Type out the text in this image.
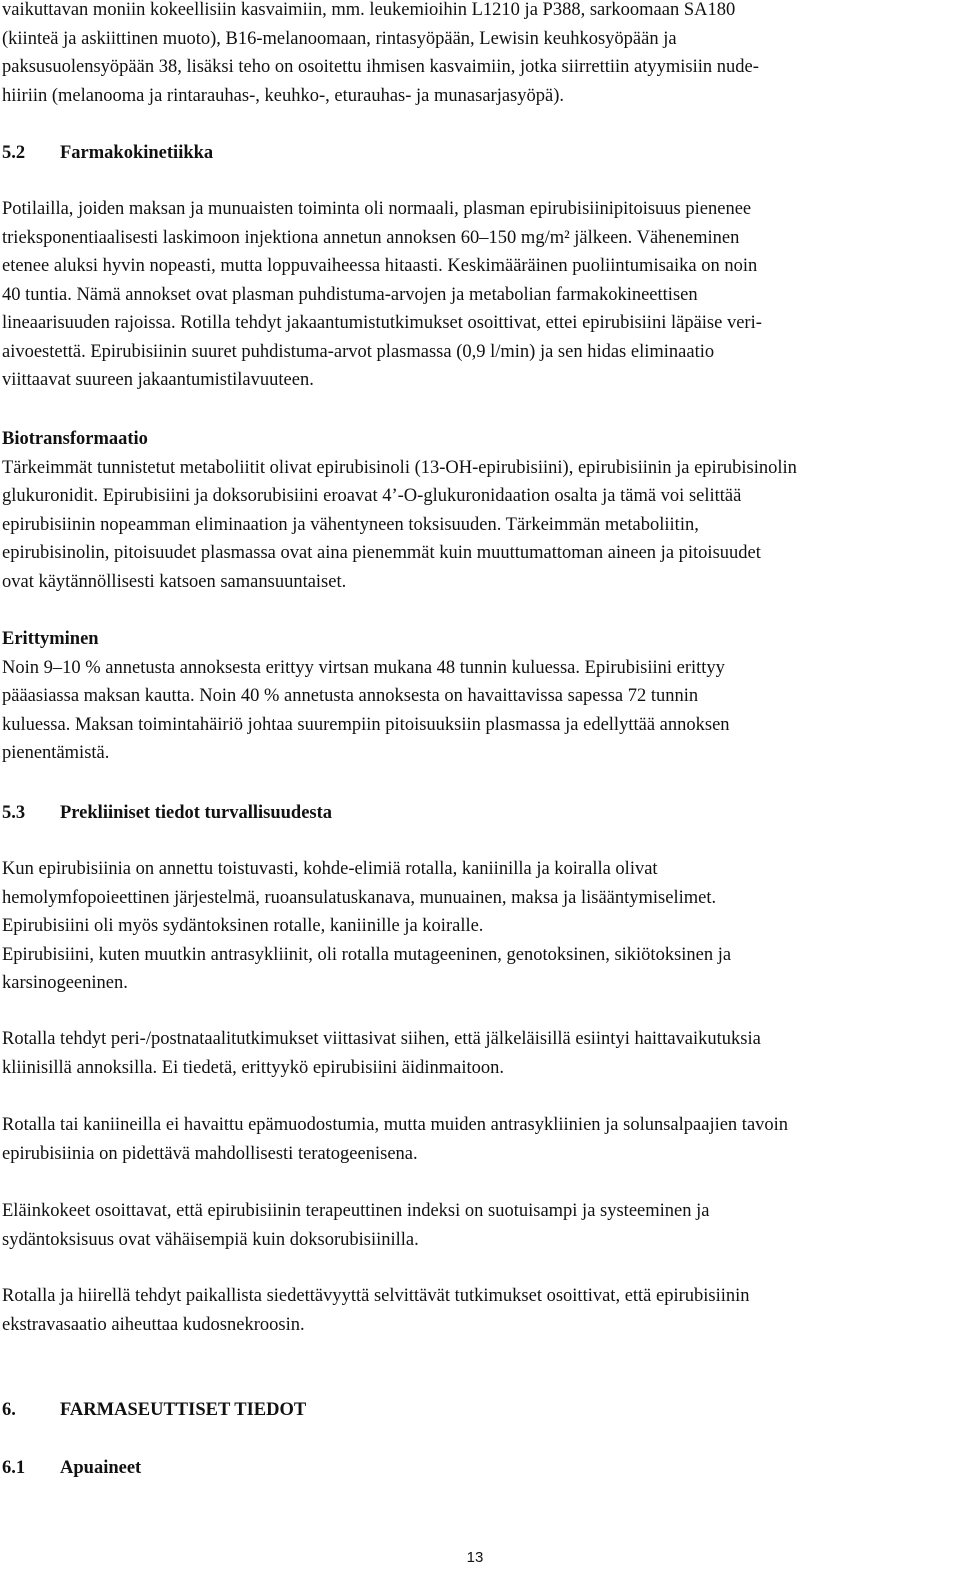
vaikuttavan moniin kokeellisiin kasvaimiin, mm. leukemioihin L1210 ja P388, sarkoomaan SA180
(kiinteä ja askiittinen muoto), B16-melanoomaan, rintasyöpään, Lewisin keuhkosyöpään ja
paksusuolensyöpään 38, lisäksi teho on osoitettu ihmisen kasvaimiin, jotka siirrettiin atyymisiin nude-
hiiriin (melanooma ja rintarauhas-, keuhko-, eturauhas- ja munasarjasyöpä).
5.2 Farmakokinetiikka
Potilailla, joiden maksan ja munuaisten toiminta oli normaali, plasman epirubisiinipitoisuus pienenee
trieksponentiaalisesti laskimoon injektiona annetun annoksen 60–150 mg/m² jälkeen. Väheneminen
etenee aluksi hyvin nopeasti, mutta loppuvaiheessa hitaasti. Keskimääräinen puoliintumisaika on noin
40 tuntia. Nämä annokset ovat plasman puhdistuma-arvojen ja metabolian farmakokineettisen
lineaarisuuden rajoissa. Rotilla tehdyt jakaantumistutkimukset osoittivat, ettei epirubisiini läpäise veri-
aivoestettä. Epirubisiinin suuret puhdistuma-arvot plasmassa (0,9 l/min) ja sen hidas eliminaatio
viittaavat suureen jakaantumistilavuuteen.
Biotransformaatio
Tärkeimmät tunnistetut metaboliitit olivat epirubisinoli (13-OH-epirubisiini), epirubisiinin ja epirubisinolin
glukuronidit. Epirubisiini ja doksorubisiini eroavat 4’-O-glukuronidaation osalta ja tämä voi selittää
epirubisiinin nopeamman eliminaation ja vähentyneen toksisuuden. Tärkeimmän metaboliitin,
epirubisinolin, pitoisuudet plasmassa ovat aina pienemmät kuin muuttumattoman aineen ja pitoisuudet
ovat käytännöllisesti katsoen samansuuntaiset.
Erittyminen
Noin 9–10 % annetusta annoksesta erittyy virtsan mukana 48 tunnin kuluessa. Epirubisiini erittyy
pääasiassa maksan kautta. Noin 40 % annetusta annoksesta on havaittavissa sapessa 72 tunnin
kuluessa. Maksan toimintahäiriö johtaa suurempiin pitoisuuksiin plasmassa ja edellyttää annoksen
pienentämistä.
5.3 Prekliiniset tiedot turvallisuudesta
Kun epirubisiinia on annettu toistuvasti, kohde-elimiä rotalla, kaniinilla ja koiralla olivat
hemolymfopoieettinen järjestelmä, ruoansulatuskanava, munuainen, maksa ja lisääntymiselimet.
Epirubisiini oli myös sydäntoksinen rotalle, kaniinille ja koiralle.
Epirubisiini, kuten muutkin antrasykliinit, oli rotalla mutageeninen, genotoksinen, sikiötoksinen ja
karsinogeeninen.
Rotalla tehdyt peri-/postnataalitutkimukset viittasivat siihen, että jälkeläisillä esiintyi haittavaikutuksia
kliinisillä annoksilla. Ei tiedetä, erittyykö epirubisiini äidinmaitoon.
Rotalla tai kaniineilla ei havaittu epämuodostumia, mutta muiden antrasykliinien ja solunsalpaajien tavoin
epirubisiinia on pidettävä mahdollisesti teratogeenisena.
Eläinkokeet osoittavat, että epirubisiinin terapeuttinen indeksi on suotuisampi ja systeeminen ja
sydäntoksisuus ovat vähäisempiä kuin doksorubisiinilla.
Rotalla ja hiirellä tehdyt paikallista siedettävyyttä selvittävät tutkimukset osoittivat, että epirubisiinin
ekstravasaatio aiheuttaa kudosnekroosin.
6. FARMASEUTTISET TIEDOT
6.1 Apuaineet
13
